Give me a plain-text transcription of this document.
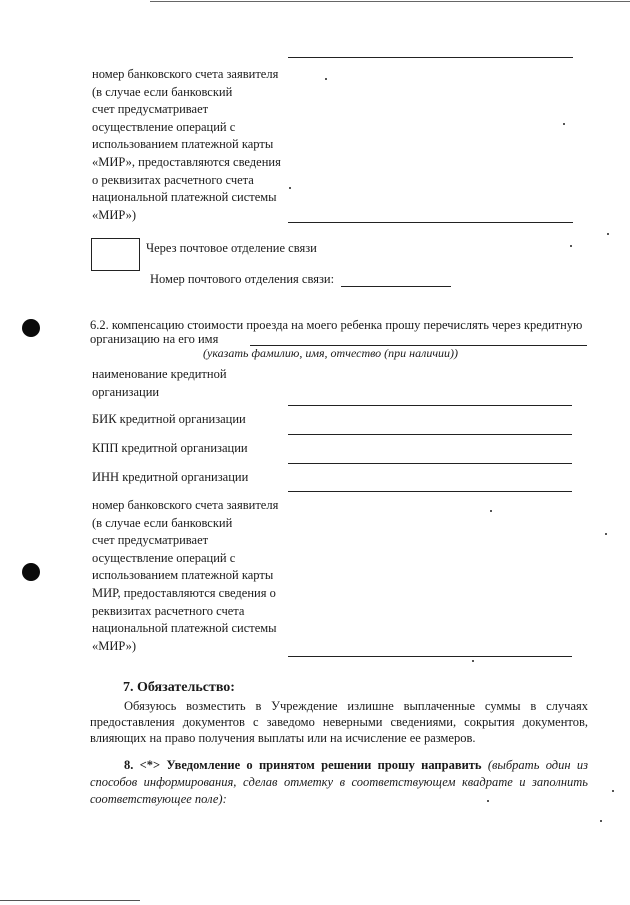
номер банковского счета заявителя
(в случае если банковский
счет предусматривает
осуществление операций с
использованием платежной карты
«МИР», предоставляются сведения
о реквизитах расчетного счета
национальной платежной системы
«МИР»)
Через почтовое отделение связи
Номер почтового отделения связи:
6.2. компенсацию стоимости проезда на моего ребенка прошу перечислять через кредитную
организацию на его имя
(указать фамилию, имя, отчество (при наличии))
наименование кредитной
организации
БИК кредитной организации
КПП кредитной организации
ИНН кредитной организации
номер банковского счета заявителя
(в случае если банковский
счет предусматривает
осуществление операций с
использованием платежной карты
МИР, предоставляются сведения о
реквизитах расчетного счета
национальной платежной системы
«МИР»)
7. Обязательство:
Обязуюсь возместить в Учреждение излишне выплаченные суммы в случаях предоставления документов с заведомо неверными сведениями, сокрытия документов, влияющих на право получения выплаты или на исчисление ее размеров.
8. <*> Уведомление о принятом решении прошу направить (выбрать один из способов информирования, сделав отметку в соответствующем квадрате и заполнить соответствующее поле):
